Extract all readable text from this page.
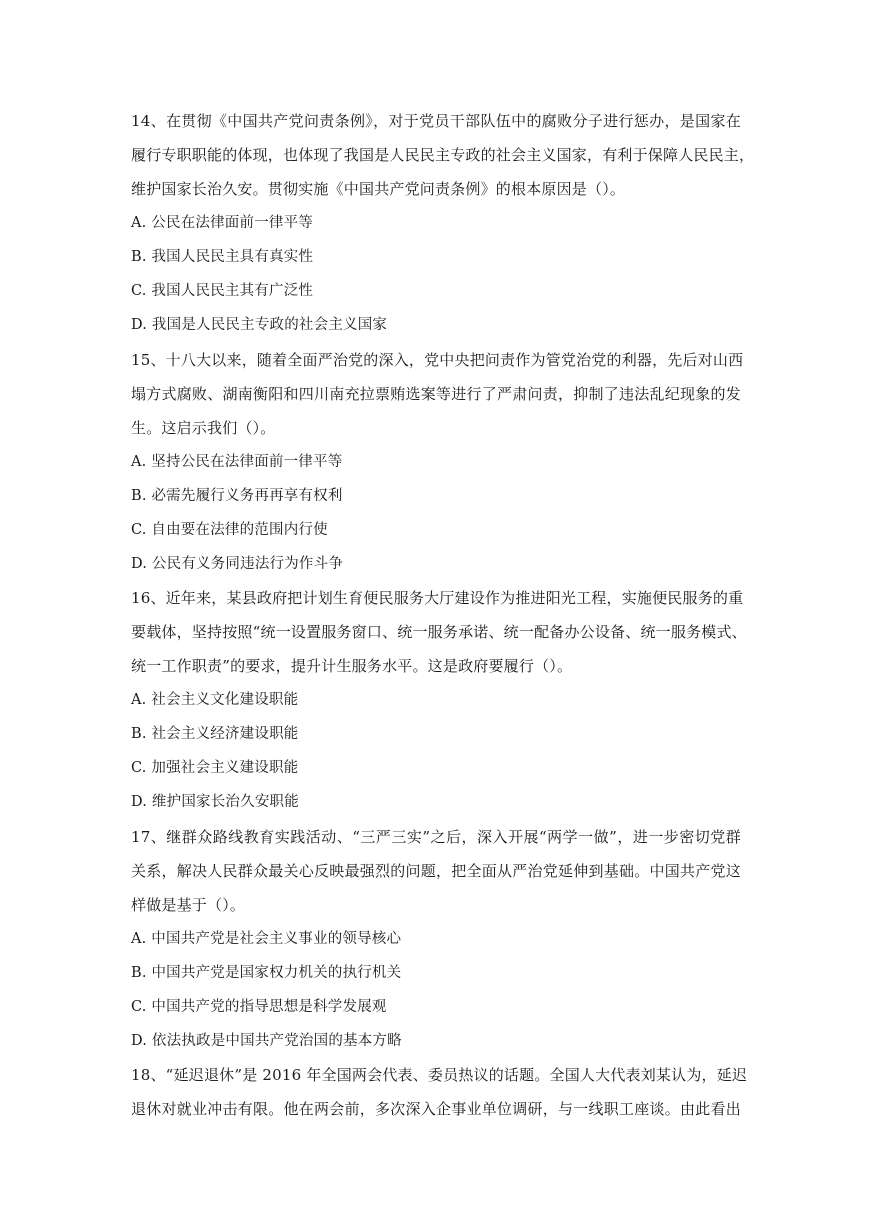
14、在贯彻《中国共产党问责条例》，对于党员干部队伍中的腐败分子进行惩办，是国家在
履行专职职能的体现，也体现了我国是人民民主专政的社会主义国家，有利于保障人民民主，
维护国家长治久安。贯彻实施《中国共产党问责条例》的根本原因是（）。
A. 公民在法律面前一律平等
B. 我国人民民主具有真实性
C. 我国人民民主其有广泛性
D. 我国是人民民主专政的社会主义国家
15、十八大以来，随着全面严治党的深入，党中央把问责作为管党治党的利器，先后对山西
塌方式腐败、湖南衡阳和四川南充拉票贿选案等进行了严肃问责，抑制了违法乱纪现象的发
生。这启示我们（）。
A. 坚持公民在法律面前一律平等
B. 必需先履行义务再再享有权利
C. 自由要在法律的范围内行使
D. 公民有义务同违法行为作斗争
16、近年来，某县政府把计划生育便民服务大厅建设作为推进阳光工程，实施便民服务的重
要载体，坚持按照“统一设置服务窗口、统一服务承诺、统一配备办公设备、统一服务模式、
统一工作职责”的要求，提升计生服务水平。这是政府要履行（）。
A. 社会主义文化建设职能
B. 社会主义经济建设职能
C. 加强社会主义建设职能
D. 维护国家长治久安职能
17、继群众路线教育实践活动、“三严三实”之后，深入开展“两学一做”，进一步密切党群
关系，解决人民群众最关心反映最强烈的问题，把全面从严治党延伸到基础。中国共产党这
样做是基于（）。
A. 中国共产党是社会主义事业的领导核心
B. 中国共产党是国家权力机关的执行机关
C. 中国共产党的指导思想是科学发展观
D. 依法执政是中国共产党治国的基本方略
18、“延迟退休”是 2016 年全国两会代表、委员热议的话题。全国人大代表刘某认为，延迟
退休对就业冲击有限。他在两会前，多次深入企事业单位调研，与一线职工座谈。由此看出
